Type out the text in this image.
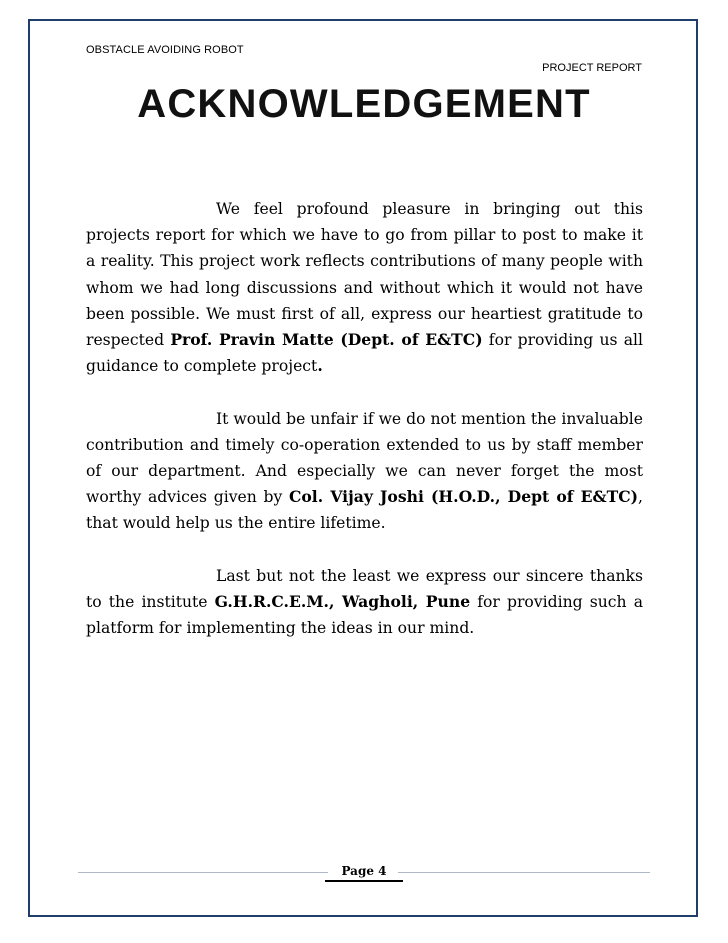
OBSTACLE AVOIDING ROBOT
PROJECT REPORT
ACKNOWLEDGEMENT

We feel profound pleasure in bringing out this projects report for which we have to go from pillar to post to make it a reality. This project work reflects contributions of many people with whom we had long discussions and without which it would not have been possible. We must first of all, express our heartiest gratitude to respected Prof. Pravin Matte (Dept. of E&TC) for providing us all guidance to complete project.

It would be unfair if we do not mention the invaluable contribution and timely co-operation extended to us by staff member of our department. And especially we can never forget the most worthy advices given by Col. Vijay Joshi (H.O.D., Dept of E&TC), that would help us the entire lifetime.

Last but not the least we express our sincere thanks to the institute G.H.R.C.E.M., Wagholi, Pune for providing such a platform for implementing the ideas in our mind.

Page 4
